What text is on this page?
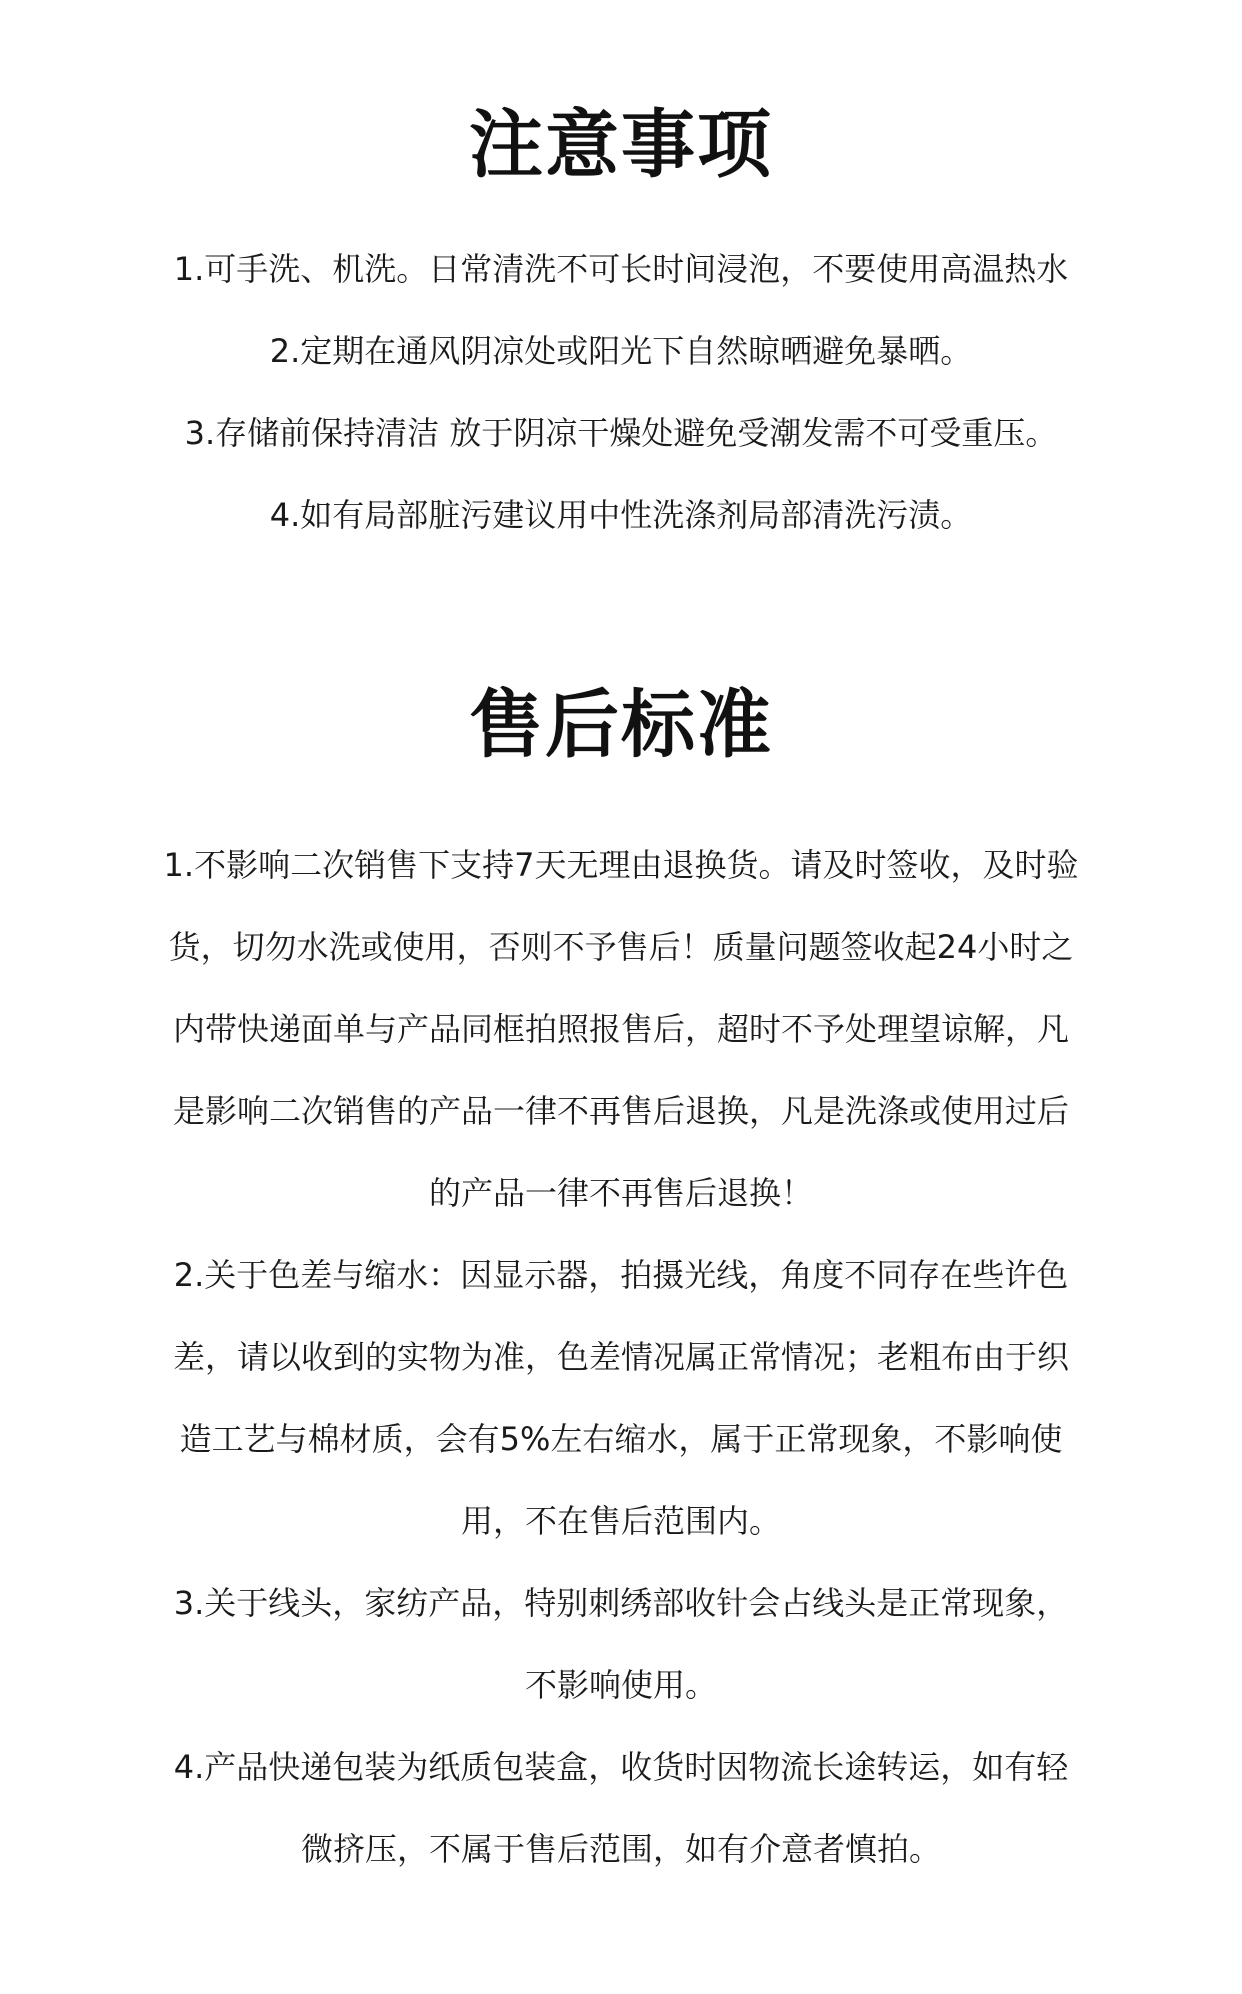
注意事项
1.可手洗、机洗。日常清洗不可长时间浸泡，不要使用高温热水
2.定期在通风阴凉处或阳光下自然晾晒避免暴晒。
3.存储前保持清洁 放于阴凉干燥处避免受潮发需不可受重压。
4.如有局部脏污建议用中性洗涤剂局部清洗污渍。
售后标准

1.不影响二次销售下支持7天无理由退换货。请及时签收，及时验
货，切勿水洗或使用，否则不予售后！质量问题签收起24小时之
内带快递面单与产品同框拍照报售后，超时不予处理望谅解，凡
是影响二次销售的产品一律不再售后退换，凡是洗涤或使用过后
的产品一律不再售后退换！

2.关于色差与缩水：因显示器，拍摄光线，角度不同存在些许色
差，请以收到的实物为准，色差情况属正常情况；老粗布由于织
造工艺与棉材质，会有5%左右缩水，属于正常现象，不影响使
用，不在售后范围内。

3.关于线头，家纺产品，特别刺绣部收针会占线头是正常现象，
不影响使用。

4.产品快递包装为纸质包装盒，收货时因物流长途转运，如有轻
微挤压，不属于售后范围，如有介意者慎拍。
